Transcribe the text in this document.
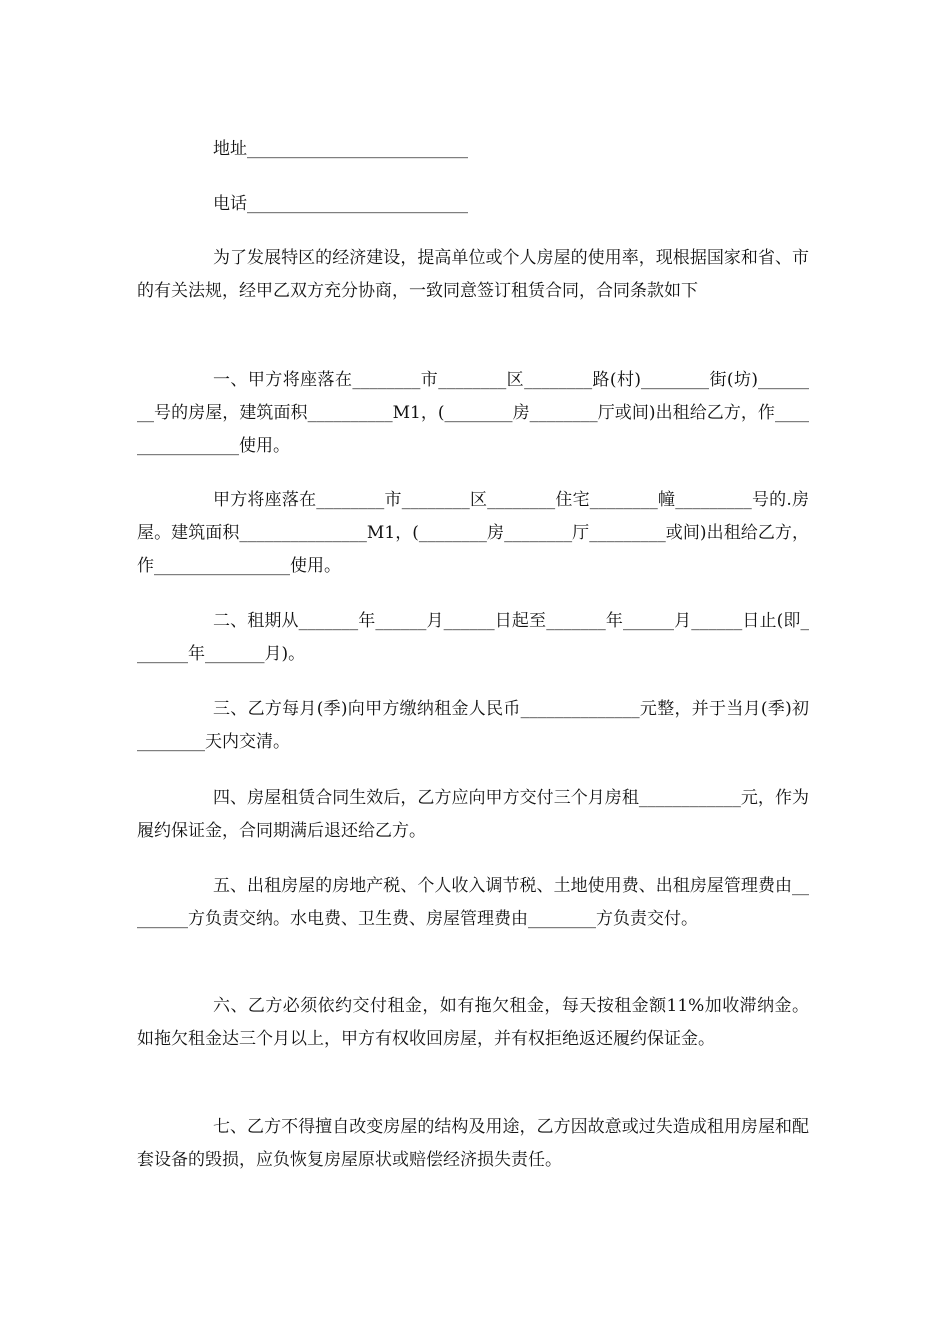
地址__________________________

电话__________________________

为了发展特区的经济建设，提高单位或个人房屋的使用率，现根据国家和省、市的有关法规，经甲乙双方充分协商，一致同意签订租赁合同，合同条款如下

一、甲方将座落在________市________区________路(村)________街(坊)________号的房屋，建筑面积__________M1，(________房________厅或间)出租给乙方，作________________使用。

甲方将座落在________市________区________住宅________幢_________号的.房屋。建筑面积_______________M1，(________房________厅_________或间)出租给乙方，作________________使用。

二、租期从_______年______月______日起至_______年______月______日止(即_______年_______月)。

三、乙方每月(季)向甲方缴纳租金人民币______________元整，并于当月(季)初________天内交清。

四、房屋租赁合同生效后，乙方应向甲方交付三个月房租____________元，作为履约保证金，合同期满后退还给乙方。

五、出租房屋的房地产税、个人收入调节税、土地使用费、出租房屋管理费由________方负责交纳。水电费、卫生费、房屋管理费由________方负责交付。

六、乙方必须依约交付租金，如有拖欠租金，每天按租金额11%加收滞纳金。如拖欠租金达三个月以上，甲方有权收回房屋，并有权拒绝返还履约保证金。

七、乙方不得擅自改变房屋的结构及用途，乙方因故意或过失造成租用房屋和配套设备的毁损，应负恢复房屋原状或赔偿经济损失责任。
